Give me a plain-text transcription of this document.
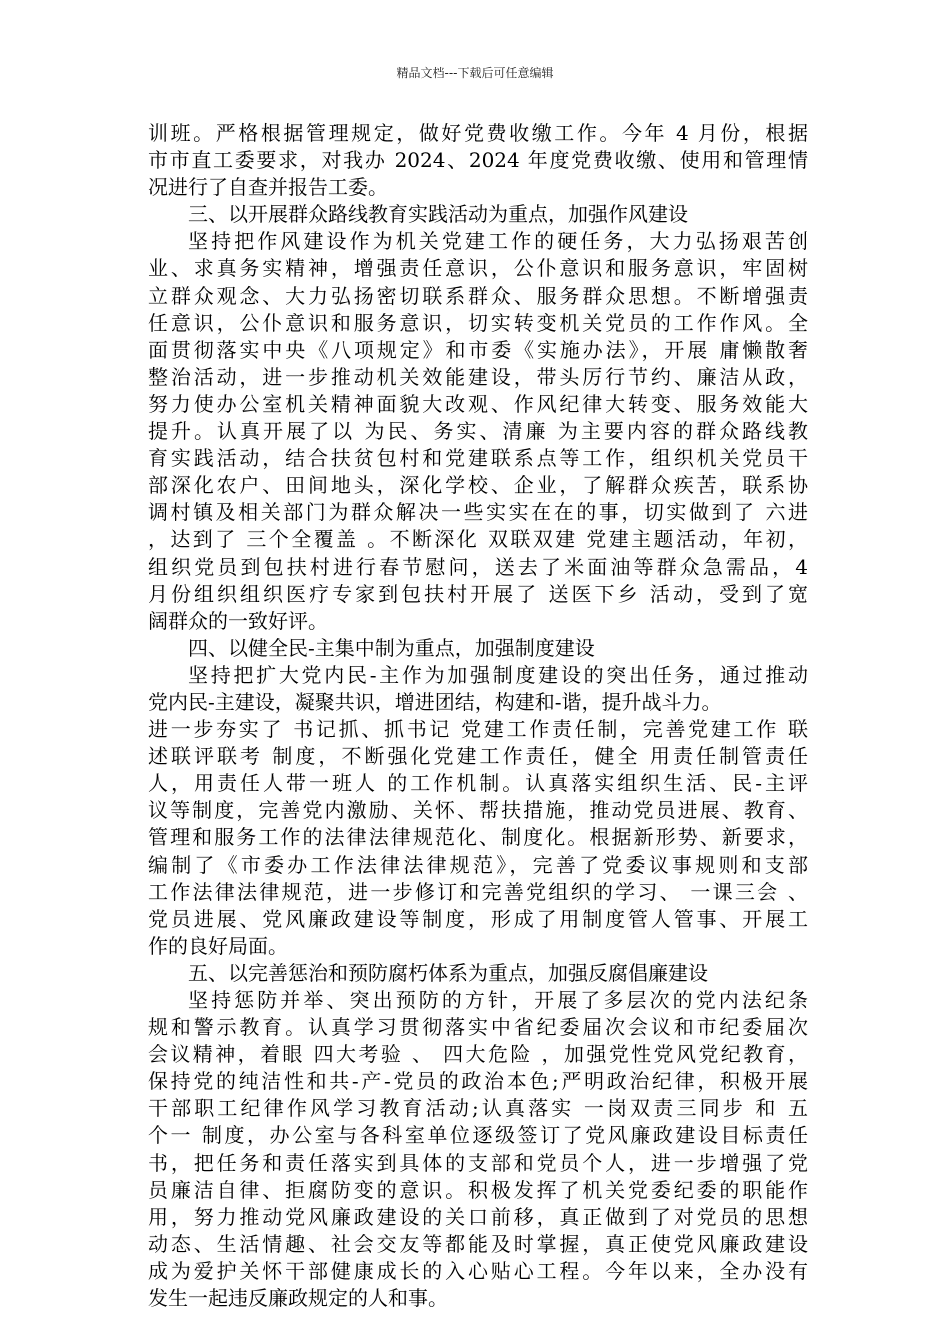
精品文档---下载后可任意编辑
训班。严格根据管理规定，做好党费收缴工作。今年 4 月份，根据
市市直工委要求，对我办 2024、2024 年度党费收缴、使用和管理情
况进行了自查并报告工委。
三、以开展群众路线教育实践活动为重点，加强作风建设
坚持把作风建设作为机关党建工作的硬任务，大力弘扬艰苦创
业、求真务实精神，增强责任意识，公仆意识和服务意识，牢固树
立群众观念、大力弘扬密切联系群众、服务群众思想。不断增强责
任意识，公仆意识和服务意识，切实转变机关党员的工作作风。全
面贯彻落实中央《八项规定》和市委《实施办法》，开展 庸懒散奢
整治活动，进一步推动机关效能建设，带头厉行节约、廉洁从政，
努力使办公室机关精神面貌大改观、作风纪律大转变、服务效能大
提升。认真开展了以 为民、务实、清廉 为主要内容的群众路线教
育实践活动，结合扶贫包村和党建联系点等工作，组织机关党员干
部深化农户、田间地头，深化学校、企业，了解群众疾苦，联系协
调村镇及相关部门为群众解决一些实实在在的事，切实做到了 六进
，达到了 三个全覆盖 。不断深化 双联双建 党建主题活动，年初，
组织党员到包扶村进行春节慰问，送去了米面油等群众急需品，4
月份组织组织医疗专家到包扶村开展了 送医下乡 活动，受到了宽
阔群众的一致好评。
四、以健全民-主集中制为重点，加强制度建设
坚持把扩大党内民-主作为加强制度建设的突出任务，通过推动
党内民-主建设，凝聚共识，增进团结，构建和-谐，提升战斗力。
进一步夯实了 书记抓、抓书记 党建工作责任制，完善党建工作 联
述联评联考 制度，不断强化党建工作责任，健全 用责任制管责任
人，用责任人带一班人 的工作机制。认真落实组织生活、民-主评
议等制度，完善党内激励、关怀、帮扶措施，推动党员进展、教育、
管理和服务工作的法律法律规范化、制度化。根据新形势、新要求，
编制了《市委办工作法律法律规范》，完善了党委议事规则和支部
工作法律法律规范，进一步修订和完善党组织的学习、 一课三会 、
党员进展、党风廉政建设等制度，形成了用制度管人管事、开展工
作的良好局面。
五、以完善惩治和预防腐朽体系为重点，加强反腐倡廉建设
坚持惩防并举、突出预防的方针，开展了多层次的党内法纪条
规和警示教育。认真学习贯彻落实中省纪委届次会议和市纪委届次
会议精神，着眼 四大考验 、 四大危险 ，加强党性党风党纪教育，
保持党的纯洁性和共-产-党员的政治本色;严明政治纪律，积极开展
干部职工纪律作风学习教育活动;认真落实 一岗双责三同步 和 五
个一 制度，办公室与各科室单位逐级签订了党风廉政建设目标责任
书，把任务和责任落实到具体的支部和党员个人，进一步增强了党
员廉洁自律、拒腐防变的意识。积极发挥了机关党委纪委的职能作
用，努力推动党风廉政建设的关口前移，真正做到了对党员的思想
动态、生活情趣、社会交友等都能及时掌握，真正使党风廉政建设
成为爱护关怀干部健康成长的入心贴心工程。今年以来，全办没有
发生一起违反廉政规定的人和事。
